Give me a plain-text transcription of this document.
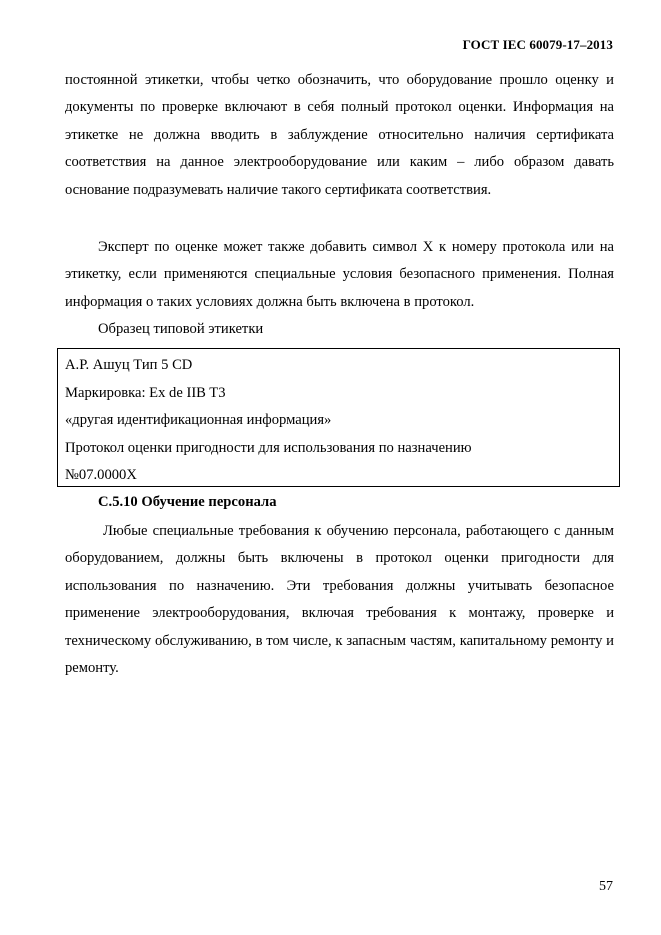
ГОСТ IEC 60079-17–2013
постоянной этикетки, чтобы четко обозначить, что оборудование прошло оценку и документы по проверке включают в себя полный протокол оценки. Информация на этикетке не должна вводить в заблуждение относительно наличия сертификата соответствия на данное электрооборудование или каким – либо образом давать основание подразумевать наличие такого сертификата соответствия.
Эксперт по оценке может также добавить символ X к номеру протокола или на этикетку, если применяются специальные условия безопасного применения. Полная информация о таких условиях должна быть включена в протокол.
Образец типовой этикетки
А.Р. Ашуц Тип 5 CD
Маркировка: Ex de IIB T3
«другая идентификационная информация»
Протокол оценки пригодности для использования по назначению
№07.0000X
С.5.10 Обучение персонала
Любые специальные требования к обучению персонала, работающего с данным оборудованием, должны быть включены в протокол оценки пригодности для использования по назначению. Эти требования должны учитывать безопасное применение электрооборудования, включая требования к монтажу, проверке и техническому обслуживанию, в том числе, к запасным частям, капитальному ремонту и ремонту.
57
